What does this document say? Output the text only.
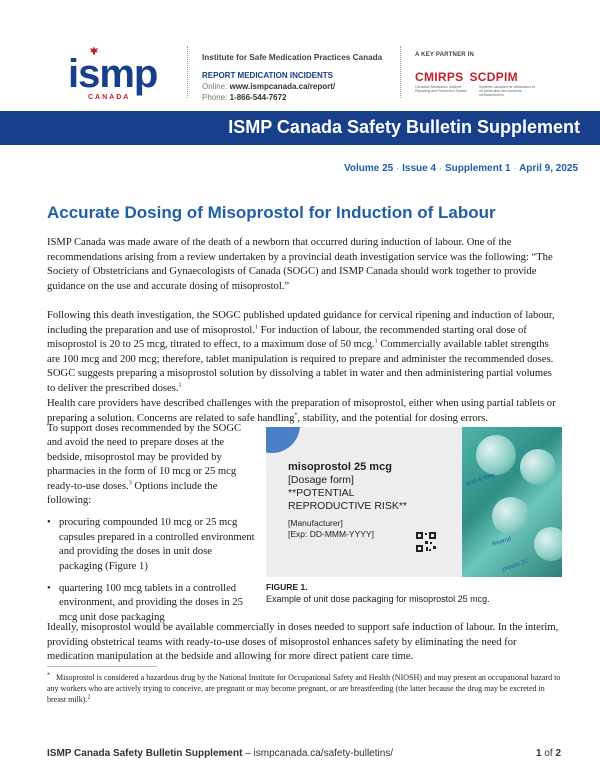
ismp
CANADA
Institute for Safe Medication Practices Canada
REPORT MEDICATION INCIDENTS
Online: www.ismpcanada.ca/report/
Phone: 1-866-544-7672
A KEY PARTNER IN
CMIRPS SCDPIM
Canadian Medication Incident Reporting and Prevention System
Système canadien de déclaration et de prévention des incidents médicamenteux
ISMP Canada Safety Bulletin Supplement
Volume 25 · Issue 4 · Supplement 1 · April 9, 2025
Accurate Dosing of Misoprostol for Induction of Labour
ISMP Canada was made aware of the death of a newborn that occurred during induction of labour. One of the recommendations arising from a review undertaken by a provincial death investigation service was the following: “The Society of Obstetricians and Gynaecologists of Canada (SOGC) and ISMP Canada should work together to provide guidance on the use and accurate dosing of misoprostol.”
Following this death investigation, the SOGC published updated guidance for cervical ripening and induction of labour, including the preparation and use of misoprostol.$^1$ For induction of labour, the recommended starting oral dose of misoprostol is 20 to 25 mcg, titrated to effect, to a maximum dose of 50 mcg.$^1$ Commercially available tablet strengths are 100 mcg and 200 mcg; therefore, tablet manipulation is required to prepare and administer the recommended doses. SOGC suggests preparing a misoprostol solution by dissolving a tablet in water and then administering partial volumes to deliver the prescribed doses.$^1$
Health care providers have described challenges with the preparation of misoprostol, either when using partial tablets or preparing a solution. Concerns are related to safe handling*, stability, and the potential for dosing errors.
To support doses recommended by the SOGC and avoid the need to prepare doses at the bedside, misoprostol may be provided by pharmacies in the form of 10 mcg or 25 mcg ready-to-use doses.$^3$ Options include the following:
• procuring compounded 10 mcg or 25 mcg capsules prepared in a controlled environment and providing the doses in unit dose packaging (Figure 1)
• quartering 100 mcg tablets in a controlled environment, and providing the doses in 25 mcg unit dose packaging
misoprostol 25 mcg
[Dosage form]
**POTENTIAL
REPRODUCTIVE RISK**
[Manufacturer]
[Exp: DD-MMM-YYYY]
ardive Rep
Reprod
prostol 25
FIGURE 1.
Example of unit dose packaging for misoprostol 25 mcg.
Ideally, misoprostol would be available commercially in doses needed to support safe induction of labour. In the interim, providing obstetrical teams with ready-to-use doses of misoprostol enhances safety by eliminating the need for medication manipulation at the bedside and allowing for more direct patient care time.
* Misoprostol is considered a hazardous drug by the National Institute for Occupational Safety and Health (NIOSH) and may present an occupational hazard to any workers who are actively trying to conceive, are pregnant or may become pregnant, or are breastfeeding (the latter because the drug may be excreted in breast milk).$^2$
ISMP Canada Safety Bulletin Supplement – ismpcanada.ca/safety-bulletins/	1 of 2
